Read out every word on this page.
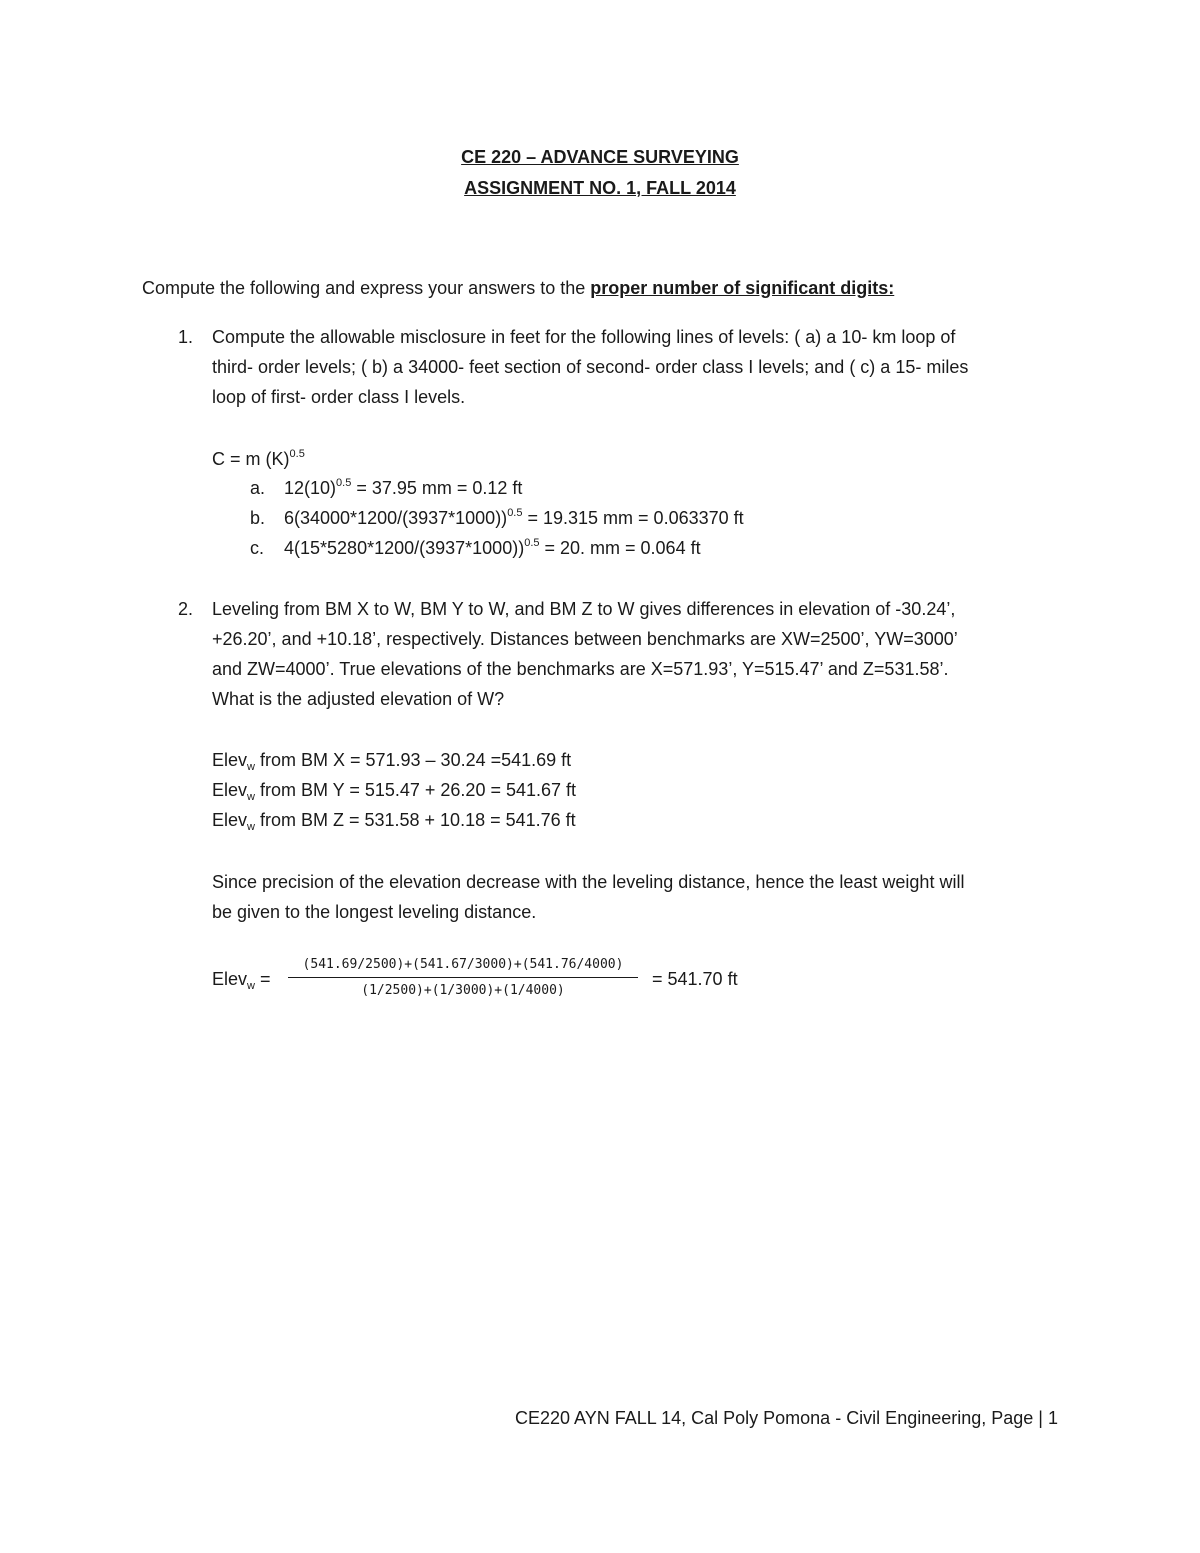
CE 220 – ADVANCE SURVEYING
ASSIGNMENT NO. 1, FALL 2014
Compute the following and express your answers to the proper number of significant digits:
1. Compute the allowable misclosure in feet for the following lines of levels: ( a) a 10- km loop of
third- order levels; ( b) a 34000- feet section of second- order class I levels; and ( c) a 15- miles
loop of first- order class I levels.
C = m $(K)^{0.5}$
a. $12(10)^{0.5} = 37.95$ mm = 0.12 ft
b. $6(34000*1200/(3937*1000))^{0.5} = 19.315$ mm = 0.063370 ft
c. $4(15*5280*1200/(3937*1000))^{0.5} = 20$. mm = 0.064 ft
2. Leveling from BM X to W, BM Y to W, and BM Z to W gives differences in elevation of -30.24’,
+26.20’, and +10.18’, respectively. Distances between benchmarks are XW=2500’, YW=3000’
and ZW=4000’. True elevations of the benchmarks are X=571.93’, Y=515.47’ and Z=531.58’.
What is the adjusted elevation of W?
Elev$_w$ from BM X = 571.93 – 30.24 =541.69 ft
Elev$_w$ from BM Y = 515.47 + 26.20 = 541.67 ft
Elev$_w$ from BM Z = 531.58 + 10.18 = 541.76 ft
Since precision of the elevation decrease with the leveling distance, hence the least weight will
be given to the longest leveling distance.
Elev$_w$ = $\frac{(541.69/2500)+(541.67/3000)+(541.76/4000)}{(1/2500)+(1/3000)+(1/4000)} = 541.70$ ft
CE220 AYN FALL 14, Cal Poly Pomona - Civil Engineering, Page | 1
